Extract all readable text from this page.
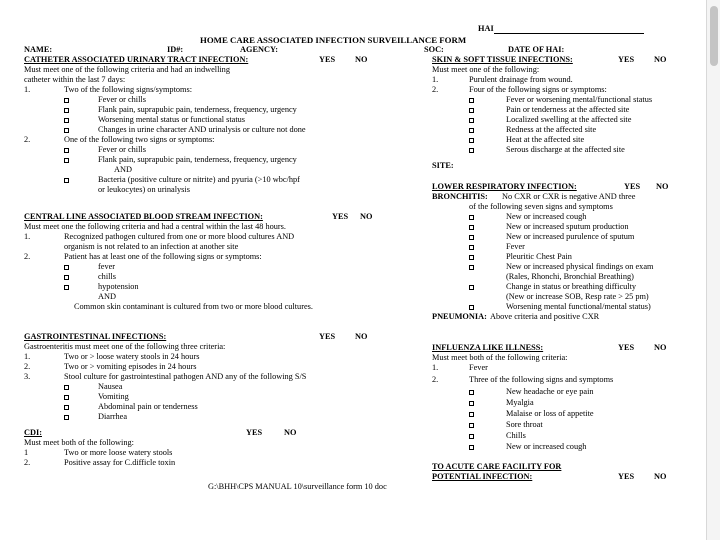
HAI
HOME CARE ASSOCIATED INFECTION SURVEILLANCE FORM
NAME:	ID#:	AGENCY:	SOC:	DATE OF HAI:
CATHETER ASSOCIATED URINARY TRACT INFECTION:	YES NO
Must meet one of the following criteria and had an indwelling
catheter within the last 7 days:
1.	Two of the following signs/symptoms:
Fever or chills
Flank pain, suprapubic pain, tenderness, frequency, urgency
Worsening mental status or functional status
Changes in urine character AND urinalysis or culture not done
2.	One of the following two signs or symptoms:
Fever or chills
Flank pain, suprapubic pain, tenderness, frequency, urgency
AND
Bacteria (positive culture or nitrite) and pyuria (>10 wbc/hpf
or leukocytes) on urinalysis
CENTRAL LINE ASSOCIATED BLOOD STREAM INFECTION:	YES NO
Must meet one the following criteria and had a central within the last 48 hours.
1.	Recognized pathogen cultured from one or more blood cultures AND
organism is not related to an infection at another site
2.	Patient has at least one of the following signs or symptoms:
fever
chills
hypotension
AND
Common skin contaminant is cultured from two or more blood cultures.
GASTROINTESTINAL INFECTIONS:	YES NO
Gastroenteritis must meet one of the following three criteria:
1.	Two or > loose watery stools in 24 hours
2.	Two or > vomiting episodes in 24 hours
3.	Stool culture for gastrointestinal pathogen AND any of the following S/S
Nausea
Vomiting
Abdominal pain or tenderness
Diarrhea
CDI:	YES	NO
Must meet both of the following:
1	Two or more loose watery stools
2.	Positive assay for C.difficle toxin
G:\BHH\CPS MANUAL 10\surveillance form 10 doc
SKIN & SOFT TISSUE INFECTIONS:	YES NO
Must meet one of the following:
1.	Purulent drainage from wound.
2.	Four of the following signs or symptoms:
Fever or worsening mental/functional status
Pain or tenderness at the affected site
Localized swelling at the affected site
Redness at the affected site
Heat at the affected site
Serous discharge at the affected site
SITE:
LOWER RESPIRATORY INFECTION:	YES NO
BRONCHITIS: No CXR or CXR is negative AND three
of the following seven signs and symptoms
New or increased cough
New or increased sputum production
New or increased purulence of sputum
Fever
Pleuritic Chest Pain
New or increased physical findings on exam
(Rales, Rhonchi, Bronchial Breathing)
Change in status or breathing difficulty
(New or increase SOB, Resp rate > 25 pm)
Worsening mental functional/mental status)
PNEUMONIA: Above criteria and positive CXR
INFLUENZA LIKE ILLNESS:	YES NO
Must meet both of the following criteria:
1.	Fever
2.	Three of the following signs and symptoms
New headache or eye pain
Myalgia
Malaise or loss of appetite
Sore throat
Chills
New or increased cough
TO ACUTE CARE FACILITY FOR
POTENTIAL INFECTION:	YES NO
